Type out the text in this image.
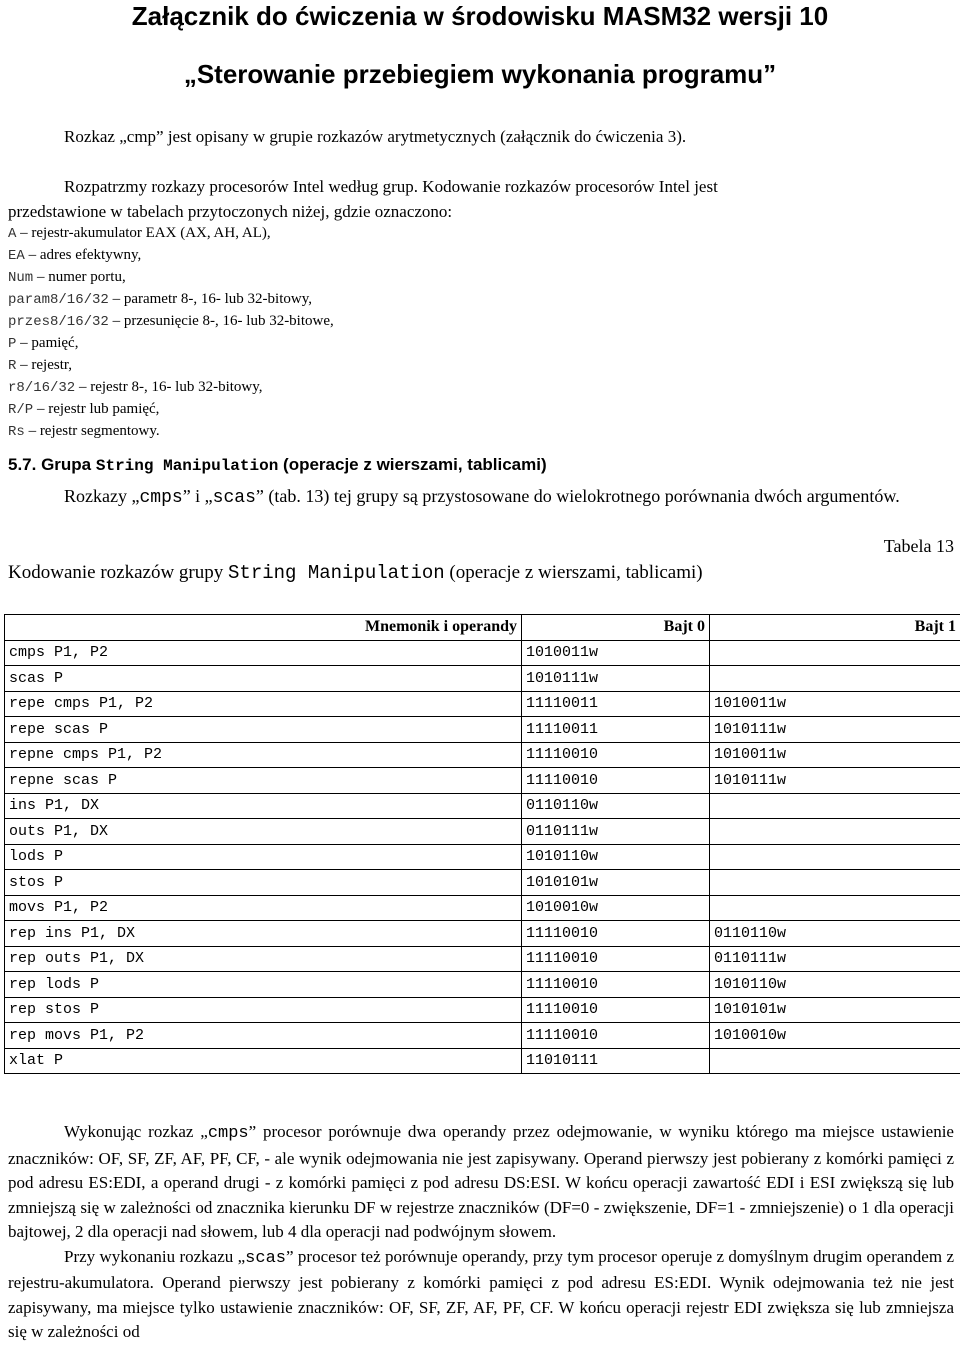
Załącznik do ćwiczenia w środowisku MASM32 wersji 10
„Sterowanie przebiegiem wykonania programu”
Rozkaz „cmp” jest opisany w grupie rozkazów arytmetycznych (załącznik do ćwiczenia 3).
Rozpatrzmy rozkazy procesorów Intel według grup. Kodowanie rozkazów procesorów Intel jest
przedstawione w tabelach przytoczonych niżej, gdzie oznaczono:
A – rejestr-akumulator EAX (AX, AH, AL),
EA – adres efektywny,
Num – numer portu,
param8/16/32 – parametr 8-, 16- lub 32-bitowy,
przes8/16/32 – przesunięcie 8-, 16- lub 32-bitowe,
P – pamięć,
R – rejestr,
r8/16/32 – rejestr 8-, 16- lub 32-bitowy,
R/P – rejestr lub pamięć,
Rs – rejestr segmentowy.
5.7. Grupa String Manipulation (operacje z wierszami, tablicami)
Rozkazy „cmps” i „scas” (tab. 13) tej grupy są przystosowane do wielokrotnego porównania dwóch argumentów.
Tabela 13
Kodowanie rozkazów grupy String Manipulation (operacje z wierszami, tablicami)
Mnemonik i operandy	Bajt 0	Bajt 1
cmps P1, P2	1010011w	
scas P	1010111w	
repe cmps P1, P2	11110011	1010011w
repe scas P	11110011	1010111w
repne cmps P1, P2	11110010	1010011w
repne scas P	11110010	1010111w
ins P1, DX	0110110w	
outs P1, DX	0110111w	
lods P	1010110w	
stos P	1010101w	
movs P1, P2	1010010w	
rep ins P1, DX	11110010	0110110w
rep outs P1, DX	11110010	0110111w
rep lods P	11110010	1010110w
rep stos P	11110010	1010101w
rep movs P1, P2	11110010	1010010w
xlat P	11010111	

Wykonując rozkaz „cmps” procesor porównuje dwa operandy przez odejmowanie, w wyniku którego ma miejsce ustawienie znaczników: OF, SF, ZF, AF, PF, CF, - ale wynik odejmowania nie jest zapisywany. Operand pierwszy jest pobierany z komórki pamięci z pod adresu ES:EDI, a operand drugi - z komórki pamięci z pod adresu DS:ESI. W końcu operacji zawartość EDI i ESI zwiększą się lub zmniejszą się w zależności od znacznika kierunku DF w rejestrze znaczników (DF=0 - zwiększenie, DF=1 - zmniejszenie) o 1 dla operacji bajtowej, 2 dla operacji nad słowem, lub 4 dla operacji nad podwójnym słowem.

Przy wykonaniu rozkazu „scas” procesor też porównuje operandy, przy tym procesor operuje z domyślnym drugim operandem z rejestru-akumulatora. Operand pierwszy jest pobierany z komórki pamięci z pod adresu ES:EDI. Wynik odejmowania też nie jest zapisywany, ma miejsce tylko ustawienie znaczników: OF, SF, ZF, AF, PF, CF. W końcu operacji rejestr EDI zwiększa się lub zmniejsza się w zależności od
